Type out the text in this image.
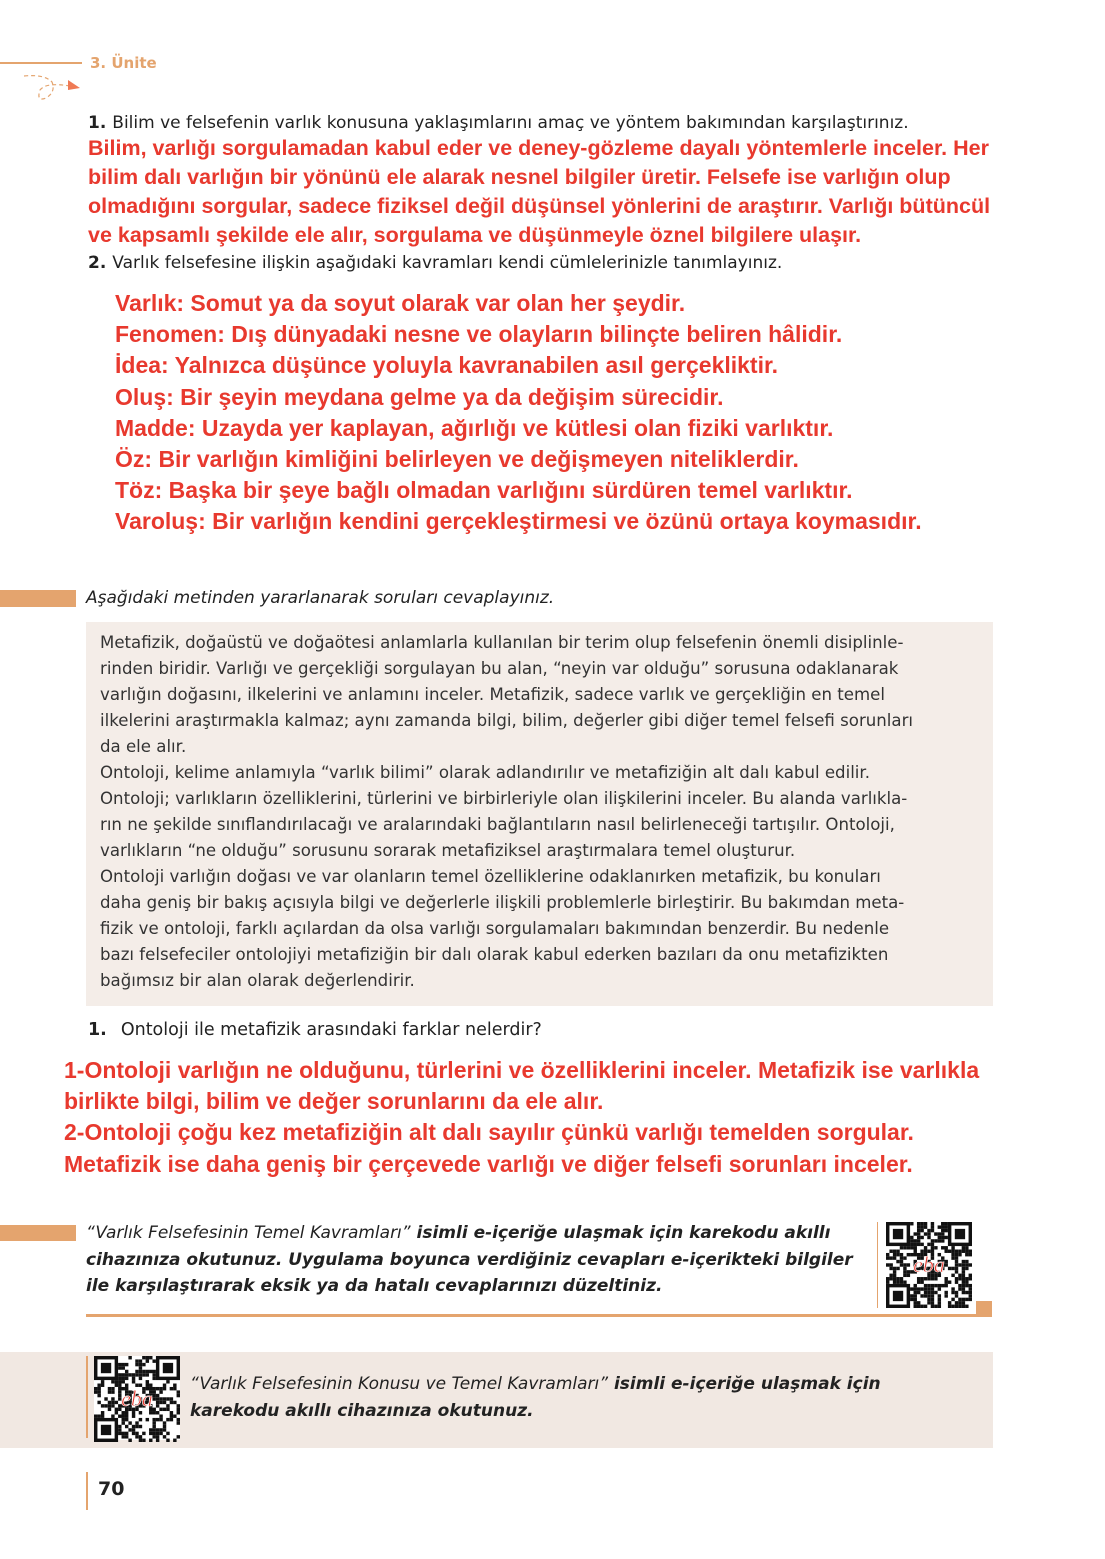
3. Ünite
1. Bilim ve felsefenin varlık konusuna yaklaşımlarını amaç ve yöntem bakımından karşılaştırınız.
Bilim, varlığı sorgulamadan kabul eder ve deney-gözleme dayalı yöntemlerle inceler. Her
bilim dalı varlığın bir yönünü ele alarak nesnel bilgiler üretir. Felsefe ise varlığın olup
olmadığını sorgular, sadece fiziksel değil düşünsel yönlerini de araştırır. Varlığı bütüncül
ve kapsamlı şekilde ele alır, sorgulama ve düşünmeyle öznel bilgilere ulaşır.
2. Varlık felsefesine ilişkin aşağıdaki kavramları kendi cümlelerinizle tanımlayınız.
Varlık: Somut ya da soyut olarak var olan her şeydir.
Fenomen: Dış dünyadaki nesne ve olayların bilinçte beliren hâlidir.
İdea: Yalnızca düşünce yoluyla kavranabilen asıl gerçekliktir.
Oluş: Bir şeyin meydana gelme ya da değişim sürecidir.
Madde: Uzayda yer kaplayan, ağırlığı ve kütlesi olan fiziki varlıktır.
Öz: Bir varlığın kimliğini belirleyen ve değişmeyen niteliklerdir.
Töz: Başka bir şeye bağlı olmadan varlığını sürdüren temel varlıktır.
Varoluş: Bir varlığın kendini gerçekleştirmesi ve özünü ortaya koymasıdır.
Aşağıdaki metinden yararlanarak soruları cevaplayınız.
Metafizik, doğaüstü ve doğaötesi anlamlarla kullanılan bir terim olup felsefenin önemli disiplinle-
rinden biridir. Varlığı ve gerçekliği sorgulayan bu alan, “neyin var olduğu” sorusuna odaklanarak
varlığın doğasını, ilkelerini ve anlamını inceler. Metafizik, sadece varlık ve gerçekliğin en temel
ilkelerini araştırmakla kalmaz; aynı zamanda bilgi, bilim, değerler gibi diğer temel felsefi sorunları
da ele alır.
Ontoloji, kelime anlamıyla “varlık bilimi” olarak adlandırılır ve metafiziğin alt dalı kabul edilir.
Ontoloji; varlıkların özelliklerini, türlerini ve birbirleriyle olan ilişkilerini inceler. Bu alanda varlıkla-
rın ne şekilde sınıflandırılacağı ve aralarındaki bağlantıların nasıl belirleneceği tartışılır. Ontoloji,
varlıkların “ne olduğu” sorusunu sorarak metafiziksel araştırmalara temel oluşturur.
Ontoloji varlığın doğası ve var olanların temel özelliklerine odaklanırken metafizik, bu konuları
daha geniş bir bakış açısıyla bilgi ve değerlerle ilişkili problemlerle birleştirir. Bu bakımdan meta-
fizik ve ontoloji, farklı açılardan da olsa varlığı sorgulamaları bakımından benzerdir. Bu nedenle
bazı felsefeciler ontolojiyi metafiziğin bir dalı olarak kabul ederken bazıları da onu metafizikten
bağımsız bir alan olarak değerlendirir.
1. Ontoloji ile metafizik arasındaki farklar nelerdir?
1-Ontoloji varlığın ne olduğunu, türlerini ve özelliklerini inceler. Metafizik ise varlıkla
birlikte bilgi, bilim ve değer sorunlarını da ele alır.
2-Ontoloji çoğu kez metafiziğin alt dalı sayılır çünkü varlığı temelden sorgular.
Metafizik ise daha geniş bir çerçevede varlığı ve diğer felsefi sorunları inceler.
“Varlık Felsefesinin Temel Kavramları” isimli e-içeriğe ulaşmak için karekodu akıllı cihazınıza okutunuz. Uygulama boyunca verdiğiniz cevapları e-içerikteki bilgiler ile karşılaştırarak eksik ya da hatalı cevaplarınızı düzeltiniz.
eba
eba
“Varlık Felsefesinin Konusu ve Temel Kavramları” isimli e-içeriğe ulaşmak için karekodu akıllı cihazınıza okutunuz.
70
